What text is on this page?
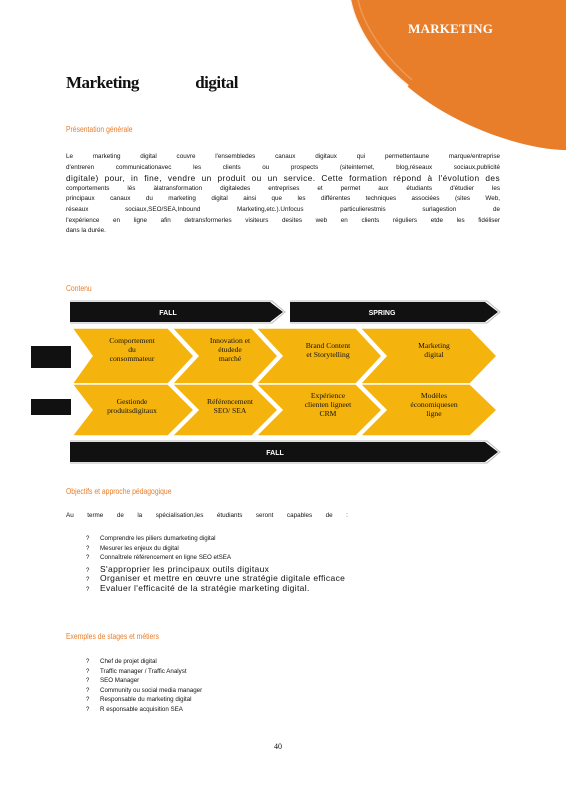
MARKETING
Marketing	digital
Présentation générale
Le marketing digital couvre l'ensembledes canaux digitaux qui permettentaune marque/entreprise
d'entreren communicationavec les clients ou prospects (siteinternet, blog,réseaux sociaux,publicité
digitale) pour, in fine, vendre un produit ou un service. Cette formation répond à l'évolution des
comportements lés àlatransformation digitaledes entreprises et permet aux étudiants d'étudier les
principaux canaux du marketing digital ainsi que les différentes techniques associées (sites Web,
réseaux sociaux,SEO/SEA,Inbound Marketing,etc.).Unfocus particulierestmis surlagestion de
l'expérience en ligne afin detransformerles visiteurs desites web en clients réguliers etde les fidéliser
dans la durée.
Contenu
FALL	SPRING
Comportement
du
consommateur
Innovation et
étudede
marché
Brand Content
et Storytelling
Marketing
digital
Gestionde
produitsdigitaux
Référencement
SEO/ SEA
Expérience
clienten ligneet
CRM
Modèles
économiquesen
ligne
FALL
Objectifs et approche pédagogique
Au terme de la spécialisation,les étudiants seront capables de :
?	Comprendre les piliers dumarketing digital
?	Mesurer les enjeux du digital
?	Connaîtrele référencement en ligne SEO etSEA
?	S'approprier les principaux outils digitaux
?	Organiser et mettre en œuvre une stratégie digitale efficace
?	Evaluer l'efficacité de la stratégie marketing digital.
Exemples de stages et métiers
?	Chef de projet digital
?	Traffic manager / Traffic Analyst
?	SEO Manager
?	Community ou social media manager
?	Responsable du marketing digital
?	R esponsable acquisition SEA
40
